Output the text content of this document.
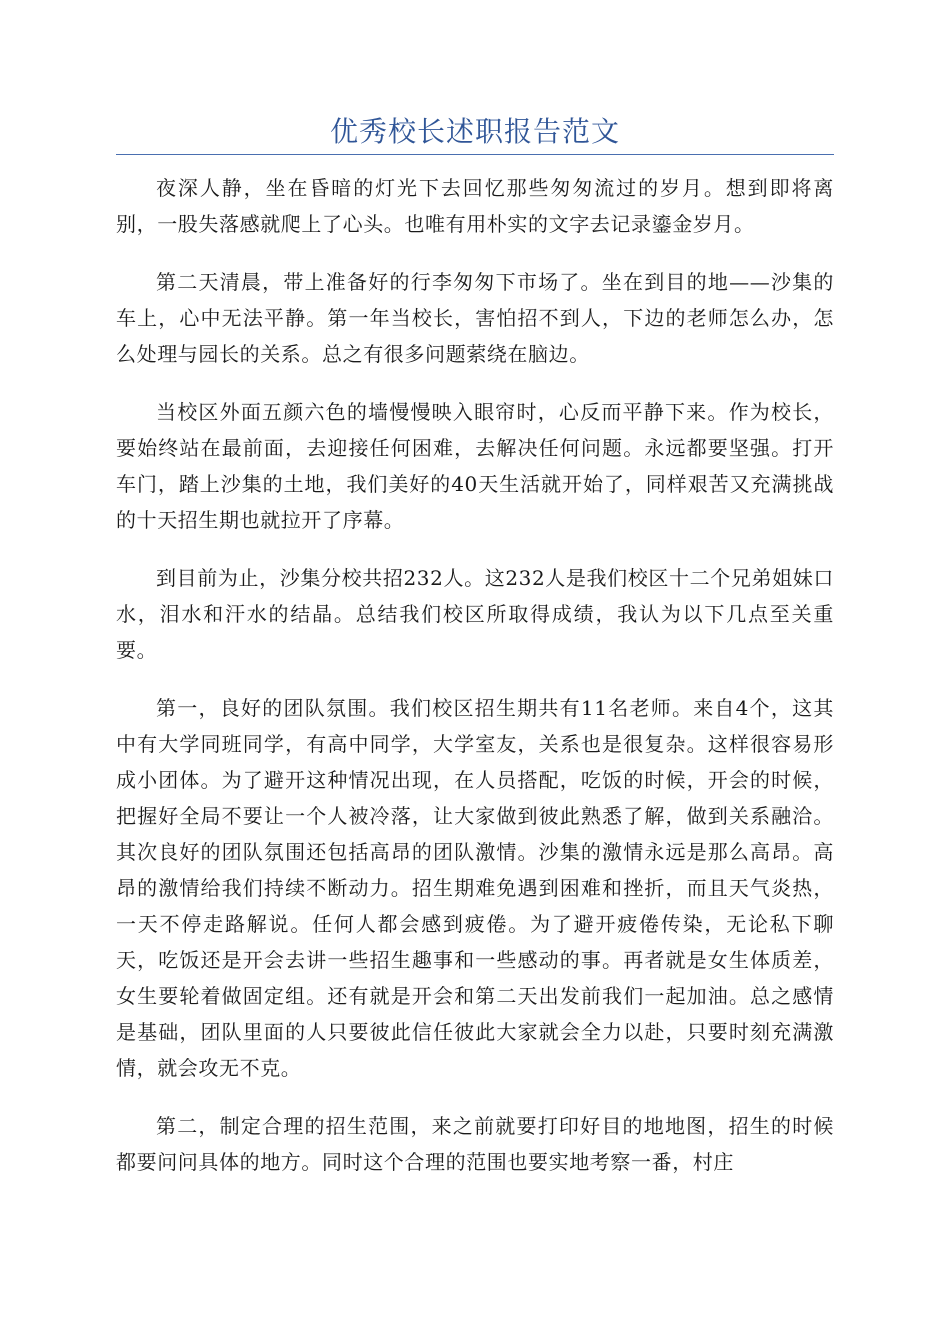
优秀校长述职报告范文

夜深人静，坐在昏暗的灯光下去回忆那些匆匆流过的岁月。想到即将离别，一股失落感就爬上了心头。也唯有用朴实的文字去记录鎏金岁月。

第二天清晨，带上准备好的行李匆匆下市场了。坐在到目的地——沙集的车上，心中无法平静。第一年当校长，害怕招不到人，下边的老师怎么办，怎么处理与园长的关系。总之有很多问题萦绕在脑边。

当校区外面五颜六色的墙慢慢映入眼帘时，心反而平静下来。作为校长，要始终站在最前面，去迎接任何困难，去解决任何问题。永远都要坚强。打开车门，踏上沙集的土地，我们美好的40天生活就开始了，同样艰苦又充满挑战的十天招生期也就拉开了序幕。

到目前为止，沙集分校共招232人。这232人是我们校区十二个兄弟姐妹口水，泪水和汗水的结晶。总结我们校区所取得成绩，我认为以下几点至关重要。

第一，良好的团队氛围。我们校区招生期共有11名老师。来自4个，这其中有大学同班同学，有高中同学，大学室友，关系也是很复杂。这样很容易形成小团体。为了避开这种情况出现，在人员搭配，吃饭的时候，开会的时候，把握好全局不要让一个人被冷落，让大家做到彼此熟悉了解，做到关系融洽。其次良好的团队氛围还包括高昂的团队激情。沙集的激情永远是那么高昂。高昂的激情给我们持续不断动力。招生期难免遇到困难和挫折，而且天气炎热，一天不停走路解说。任何人都会感到疲倦。为了避开疲倦传染，无论私下聊天，吃饭还是开会去讲一些招生趣事和一些感动的事。再者就是女生体质差，女生要轮着做固定组。还有就是开会和第二天出发前我们一起加油。总之感情是基础，团队里面的人只要彼此信任彼此大家就会全力以赴，只要时刻充满激情，就会攻无不克。

第二，制定合理的招生范围，来之前就要打印好目的地地图，招生的时候都要问问具体的地方。同时这个合理的范围也要实地考察一番，村庄
